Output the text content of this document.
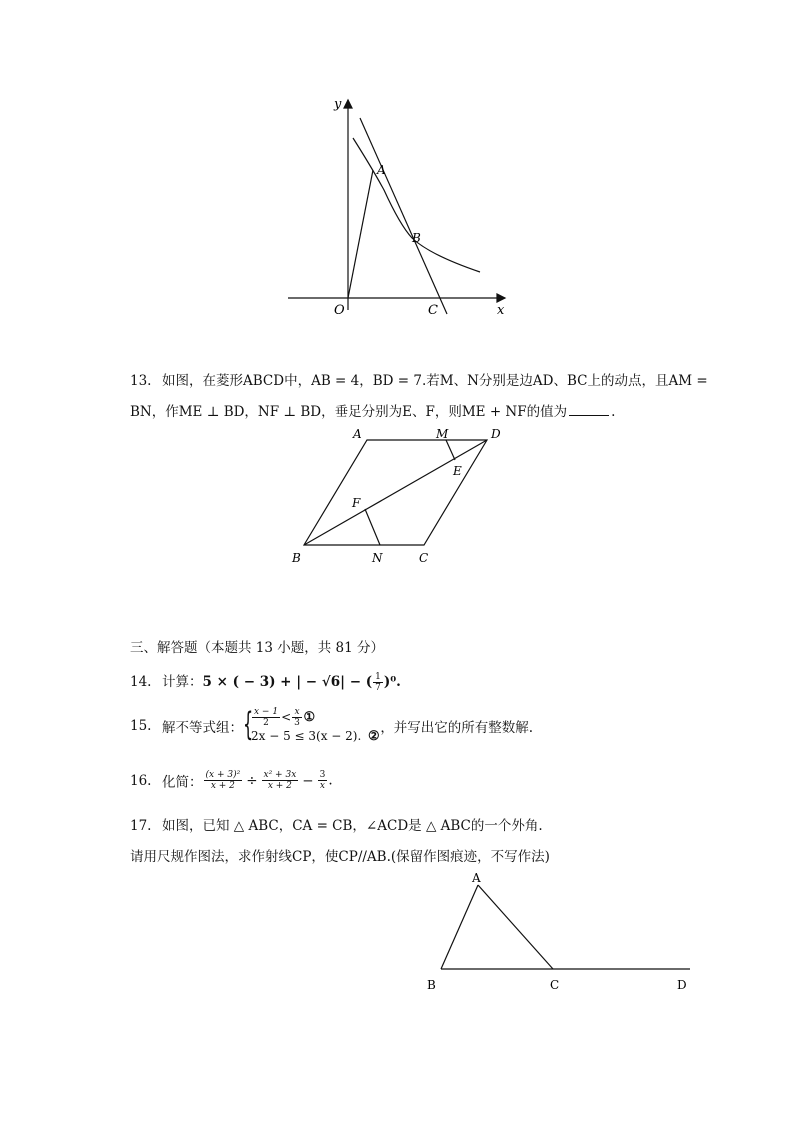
y
A
B
O	C	x
13. 如图，在菱形ABCD中，AB = 4，BD = 7.若M、N分别是边AD、BC上的动点，且AM =
BN，作ME ⊥ BD，NF ⊥ BD，垂足分别为E、F，则ME + NF的值为	.
A	M	D
E
F
B	N	C
三、解答题（本题共 13 小题，共 81 分）
14. 计算：5 × ( − 3) + | − √6| − ( $\frac{1}{7} )^0$.
15. 解不等式组： {
$\frac{x - 1}{2} < \frac{x}{3}$ ①
2x − 5 ≤ 3(x − 2). ②
，并写出它的所有整数解.
16. 化简： $\frac{\text{(x + 3)²}}{x + 2} \div \frac{\text{x² + 3x}}{x + 2} - \frac{3}{x}$ .
17. 如图，已知 △ ABC，CA = CB，∠ACD是 △ ABC的一个外角.
请用尺规作图法，求作射线CP，使CP//AB.(保留作图痕迹，不写作法)
A
B	C	D
